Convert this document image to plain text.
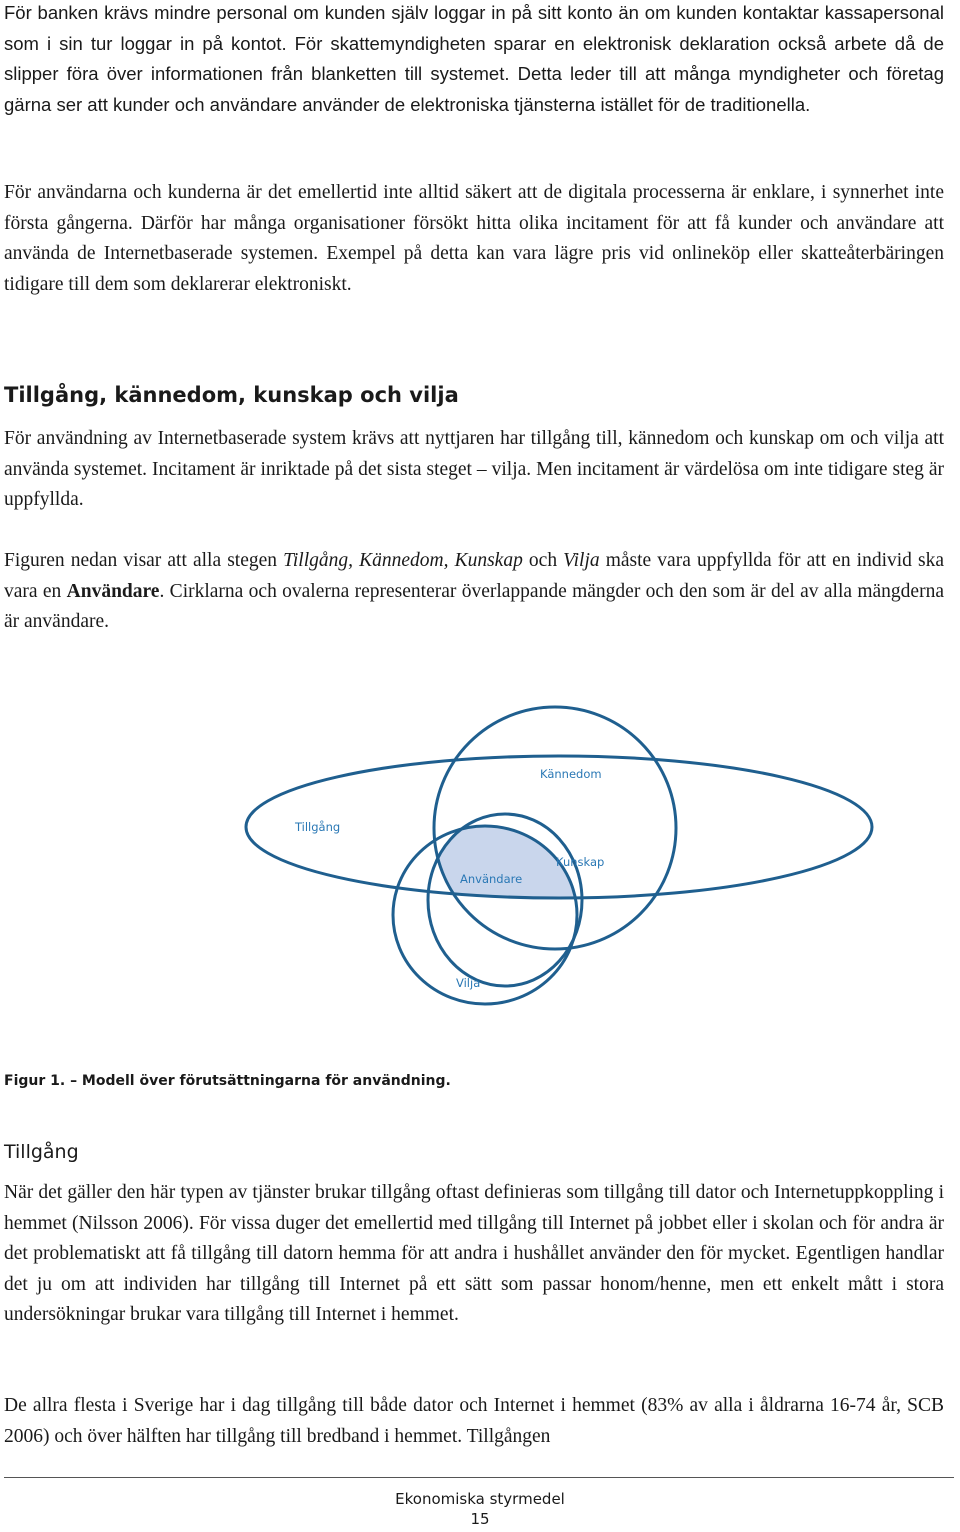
För banken krävs mindre personal om kunden själv loggar in på sitt konto än om kunden kontaktar kassapersonal som i sin tur loggar in på kontot. För skattemyndigheten sparar en elektronisk deklaration också arbete då de slipper föra över informationen från blanketten till systemet. Detta leder till att många myndigheter och företag gärna ser att kunder och användare använder de elektroniska tjänsterna istället för de traditionella.

För användarna och kunderna är det emellertid inte alltid säkert att de digitala processerna är enklare, i synnerhet inte första gångerna. Därför har många organisationer försökt hitta olika incitament för att få kunder och användare att använda de Internetbaserade systemen. Exempel på detta kan vara lägre pris vid onlineköp eller skatteåterbäringen tidigare till dem som deklarerar elektroniskt.

Tillgång, kännedom, kunskap och vilja

För användning av Internetbaserade system krävs att nyttjaren har tillgång till, kännedom och kunskap om och vilja att använda systemet. Incitament är inriktade på det sista steget – vilja. Men incitament är värdelösa om inte tidigare steg är uppfyllda.

Figuren nedan visar att alla stegen Tillgång, Kännedom, Kunskap och Vilja måste vara uppfyllda för att en individ ska vara en Användare. Cirklarna och ovalerna representerar överlappande mängder och den som är del av alla mängderna är användare.

Kännedom
Tillgång
Kunskap
Användare
Vilja

Figur 1. – Modell över förutsättningarna för användning.

Tillgång

När det gäller den här typen av tjänster brukar tillgång oftast definieras som tillgång till dator och Internetuppkoppling i hemmet (Nilsson 2006). För vissa duger det emellertid med tillgång till Internet på jobbet eller i skolan och för andra är det problematiskt att få tillgång till datorn hemma för att andra i hushållet använder den för mycket. Egentligen handlar det ju om att individen har tillgång till Internet på ett sätt som passar honom/henne, men ett enkelt mått i stora undersökningar brukar vara tillgång till Internet i hemmet.

De allra flesta i Sverige har i dag tillgång till både dator och Internet i hemmet (83% av alla i åldrarna 16-74 år, SCB 2006) och över hälften har tillgång till bredband i hemmet. Tillgången

Ekonomiska styrmedel

15
